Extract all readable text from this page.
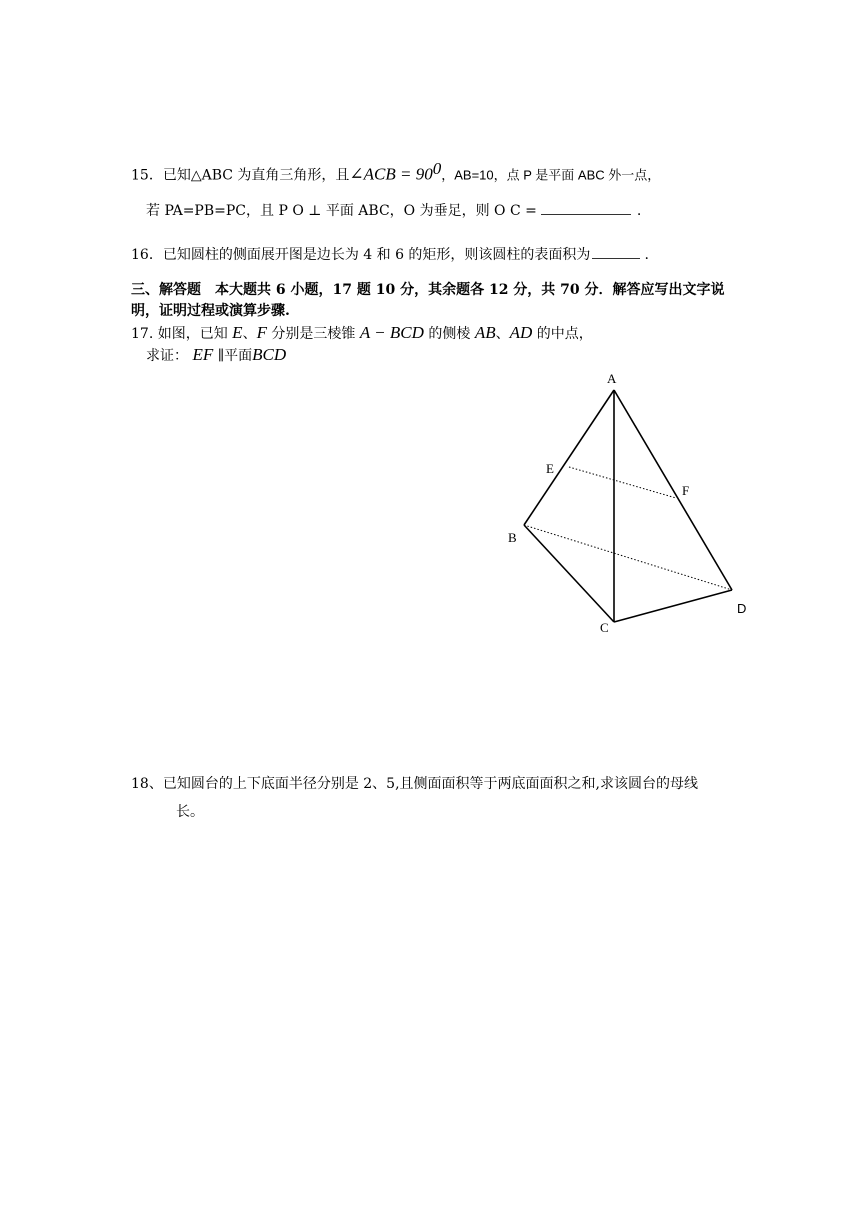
15．已知△ABC 为直角三角形，且∠ACB = $90^0$，AB=10，点 P 是平面 ABC 外一点，
若 PA=PB=PC，且 P O ⊥ 平面 ABC，O 为垂足，则 O C =	.
16．已知圆柱的侧面展开图是边长为 4 和 6 的矩形，则该圆柱的表面积为	.
三、解答题　本大题共 6 小题，17 题 10 分，其余题各 12 分，共 70 分．解答应写出文字说
明，证明过程或演算步骤.
17. 如图，已知 E、F 分别是三棱锥 A − BCD 的侧棱 AB、AD 的中点，
求证： EF ∥平面BCD
A
E
F
B
D
C
18、已知圆台的上下底面半径分别是 2、5,且侧面面积等于两底面面积之和,求该圆台的母线
长。
